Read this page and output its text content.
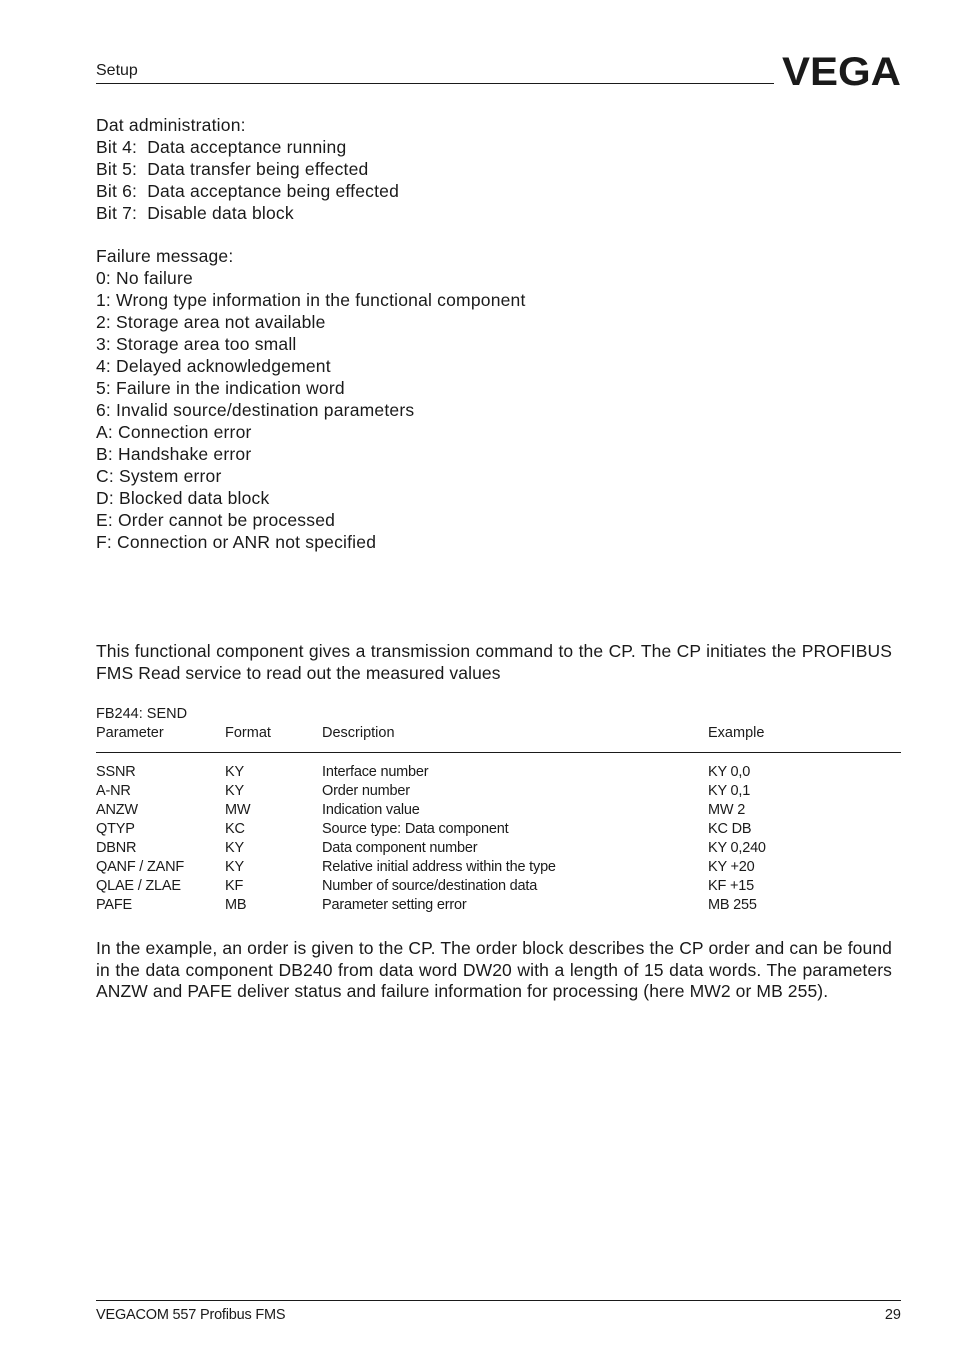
Setup	VEGA
Dat administration:
Bit 4:  Data acceptance running
Bit 5:  Data transfer being effected
Bit 6:  Data acceptance being effected
Bit 7:  Disable data block
Failure message:
0: No failure
1: Wrong type information in the functional component
2: Storage area not available
3: Storage area too small
4: Delayed acknowledgement
5: Failure in the indication word
6: Invalid source/destination parameters
A: Connection error
B: Handshake error
C: System error
D: Blocked data block
E: Order cannot be processed
F: Connection or ANR not specified
This functional component gives a transmission command to the CP. The CP initiates the PROFIBUS FMS Read service to read out the measured values
FB244: SEND
Parameter	Format	Description	Example
SSNR	KY	Interface number	KY 0,0
A-NR	KY	Order number	KY 0,1
ANZW	MW	Indication value	MW 2
QTYP	KC	Source type: Data component	KC DB
DBNR	KY	Data component number	KY 0,240
QANF / ZANF	KY	Relative initial address within the type	KY +20
QLAE / ZLAE	KF	Number of source/destination data	KF +15
PAFE	MB	Parameter setting error	MB 255
In the example, an order is given to the CP. The order block describes the CP order and can be found in the data component DB240 from data word DW20 with a length of 15 data words. The parameters ANZW and PAFE deliver status and failure information for processing (here MW2 or MB 255).
VEGACOM 557 Profibus FMS	29
